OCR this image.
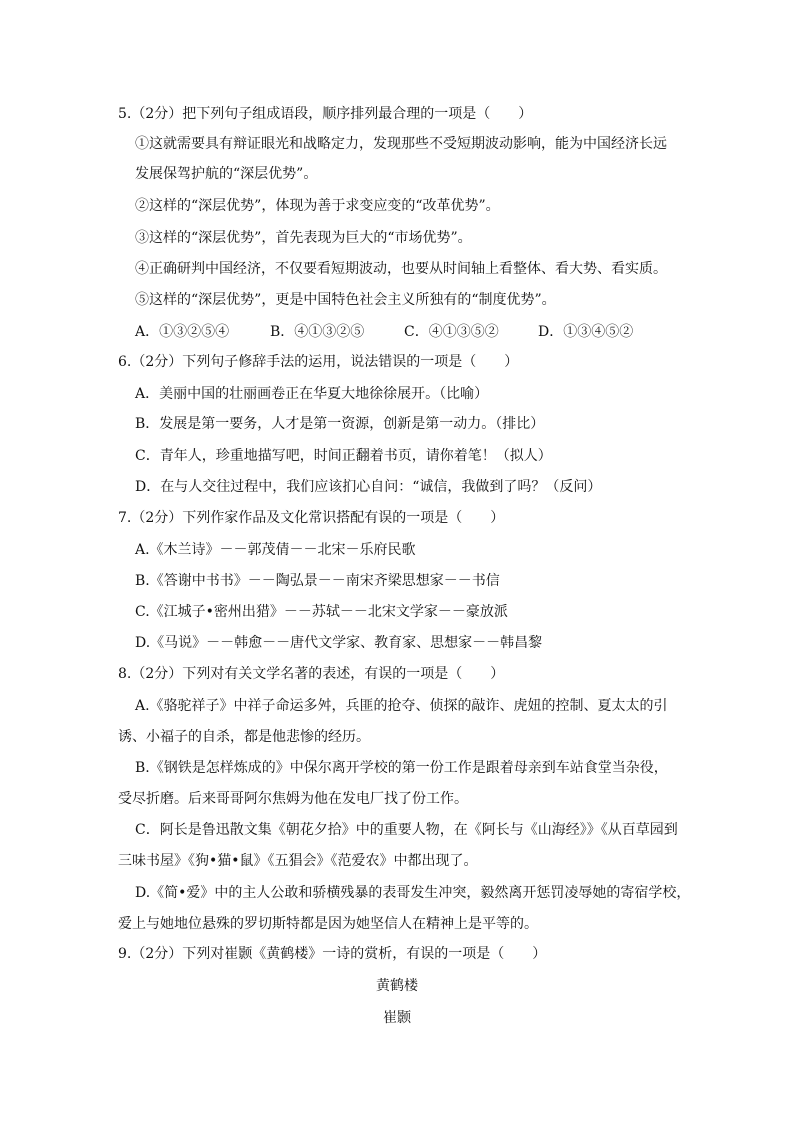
5.（2分）把下列句子组成语段，顺序排列最合理的一项是（　　）
①这就需要具有辩证眼光和战略定力，发现那些不受短期波动影响，能为中国经济长远
发展保驾护航的“深层优势”。
②这样的“深层优势”，体现为善于求变应变的“改革优势”。
③这样的“深层优势”，首先表现为巨大的“市场优势”。
④正确研判中国经济，不仅要看短期波动，也要从时间轴上看整体、看大势、看实质。
⑤这样的“深层优势”，更是中国特色社会主义所独有的“制度优势”。
A．①③②⑤④	B．④①③②⑤	C．④①③⑤②	D．①③④⑤②
6.（2分）下列句子修辞手法的运用，说法错误的一项是（　　）
A．美丽中国的壮丽画卷正在华夏大地徐徐展开。（比喻）
B．发展是第一要务，人才是第一资源，创新是第一动力。（排比）
C．青年人，珍重地描写吧，时间正翻着书页，请你着笔！（拟人）
D．在与人交往过程中，我们应该扪心自问：“诚信，我做到了吗？（反问）
7.（2分）下列作家作品及文化常识搭配有误的一项是（　　）
A.《木兰诗》－－郭茂倩－－北宋－乐府民歌
B.《答谢中书书》－－陶弘景－－南宋齐梁思想家－－书信
C.《江城子•密州出猎》－－苏轼－－北宋文学家－－豪放派
D.《马说》－－韩愈－－唐代文学家、教育家、思想家－－韩昌黎
8.（2分）下列对有关文学名著的表述，有误的一项是（　　）
A.《骆驼祥子》中祥子命运多舛，兵匪的抢夺、侦探的敲诈、虎妞的控制、夏太太的引
诱、小福子的自杀，都是他悲惨的经历。
B.《钢铁是怎样炼成的》中保尔离开学校的第一份工作是跟着母亲到车站食堂当杂役，
受尽折磨。后来哥哥阿尔焦姆为他在发电厂找了份工作。
C．阿长是鲁迅散文集《朝花夕拾》中的重要人物，在《阿长与《山海经》》《从百草园到
三味书屋》《狗•猫•鼠》《五猖会》《范爱农》中都出现了。
D.《简•爱》中的主人公敢和骄横残暴的表哥发生冲突，毅然离开惩罚凌辱她的寄宿学校，
爱上与她地位悬殊的罗切斯特都是因为她坚信人在精神上是平等的。
9.（2分）下列对崔颢《黄鹤楼》一诗的赏析，有误的一项是（　　）
黄鹤楼
崔颢
